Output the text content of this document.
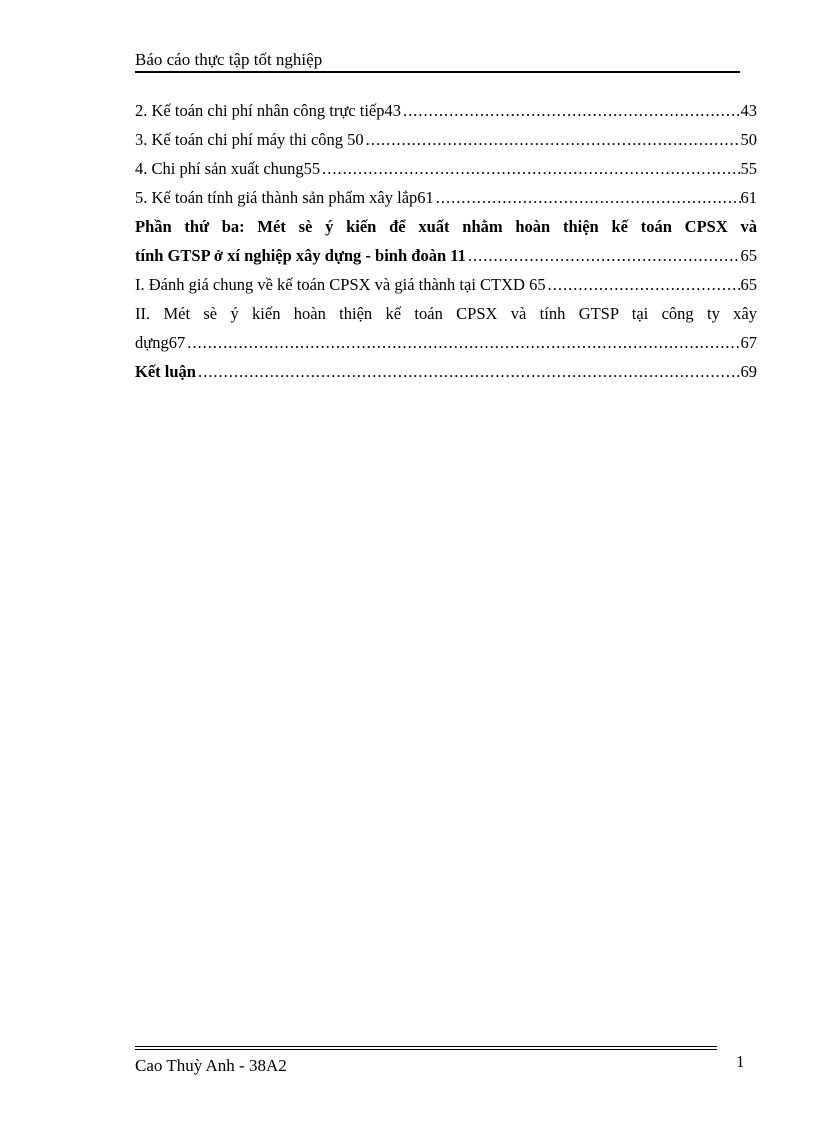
Báo cáo thực tập tốt nghiệp
2. Kế toán chi phí nhân công trực tiếp43 .....	43
3. Kế toán chi phí máy thi công 50 .....	50
4. Chi phí sản xuất chung55 .....	55
5. Kế toán tính giá thành sản phẩm xây lắp61 .....	61
Phần thứ ba: Mét sè ý kiến để xuất nhằm hoàn thiện kế toán CPSX và
tính GTSP ở xí nghiệp xây dựng - binh đoàn 11 .....	65
I. Đánh giá chung về kế toán CPSX và giá thành tại CTXD 65 .....	65
II. Mét sè ý kiến hoàn thiện kế toán CPSX và tính GTSP tại công ty xây
dựng67 .....	67
Kết luận .....	69
Cao Thuỳ Anh - 38A2	1
